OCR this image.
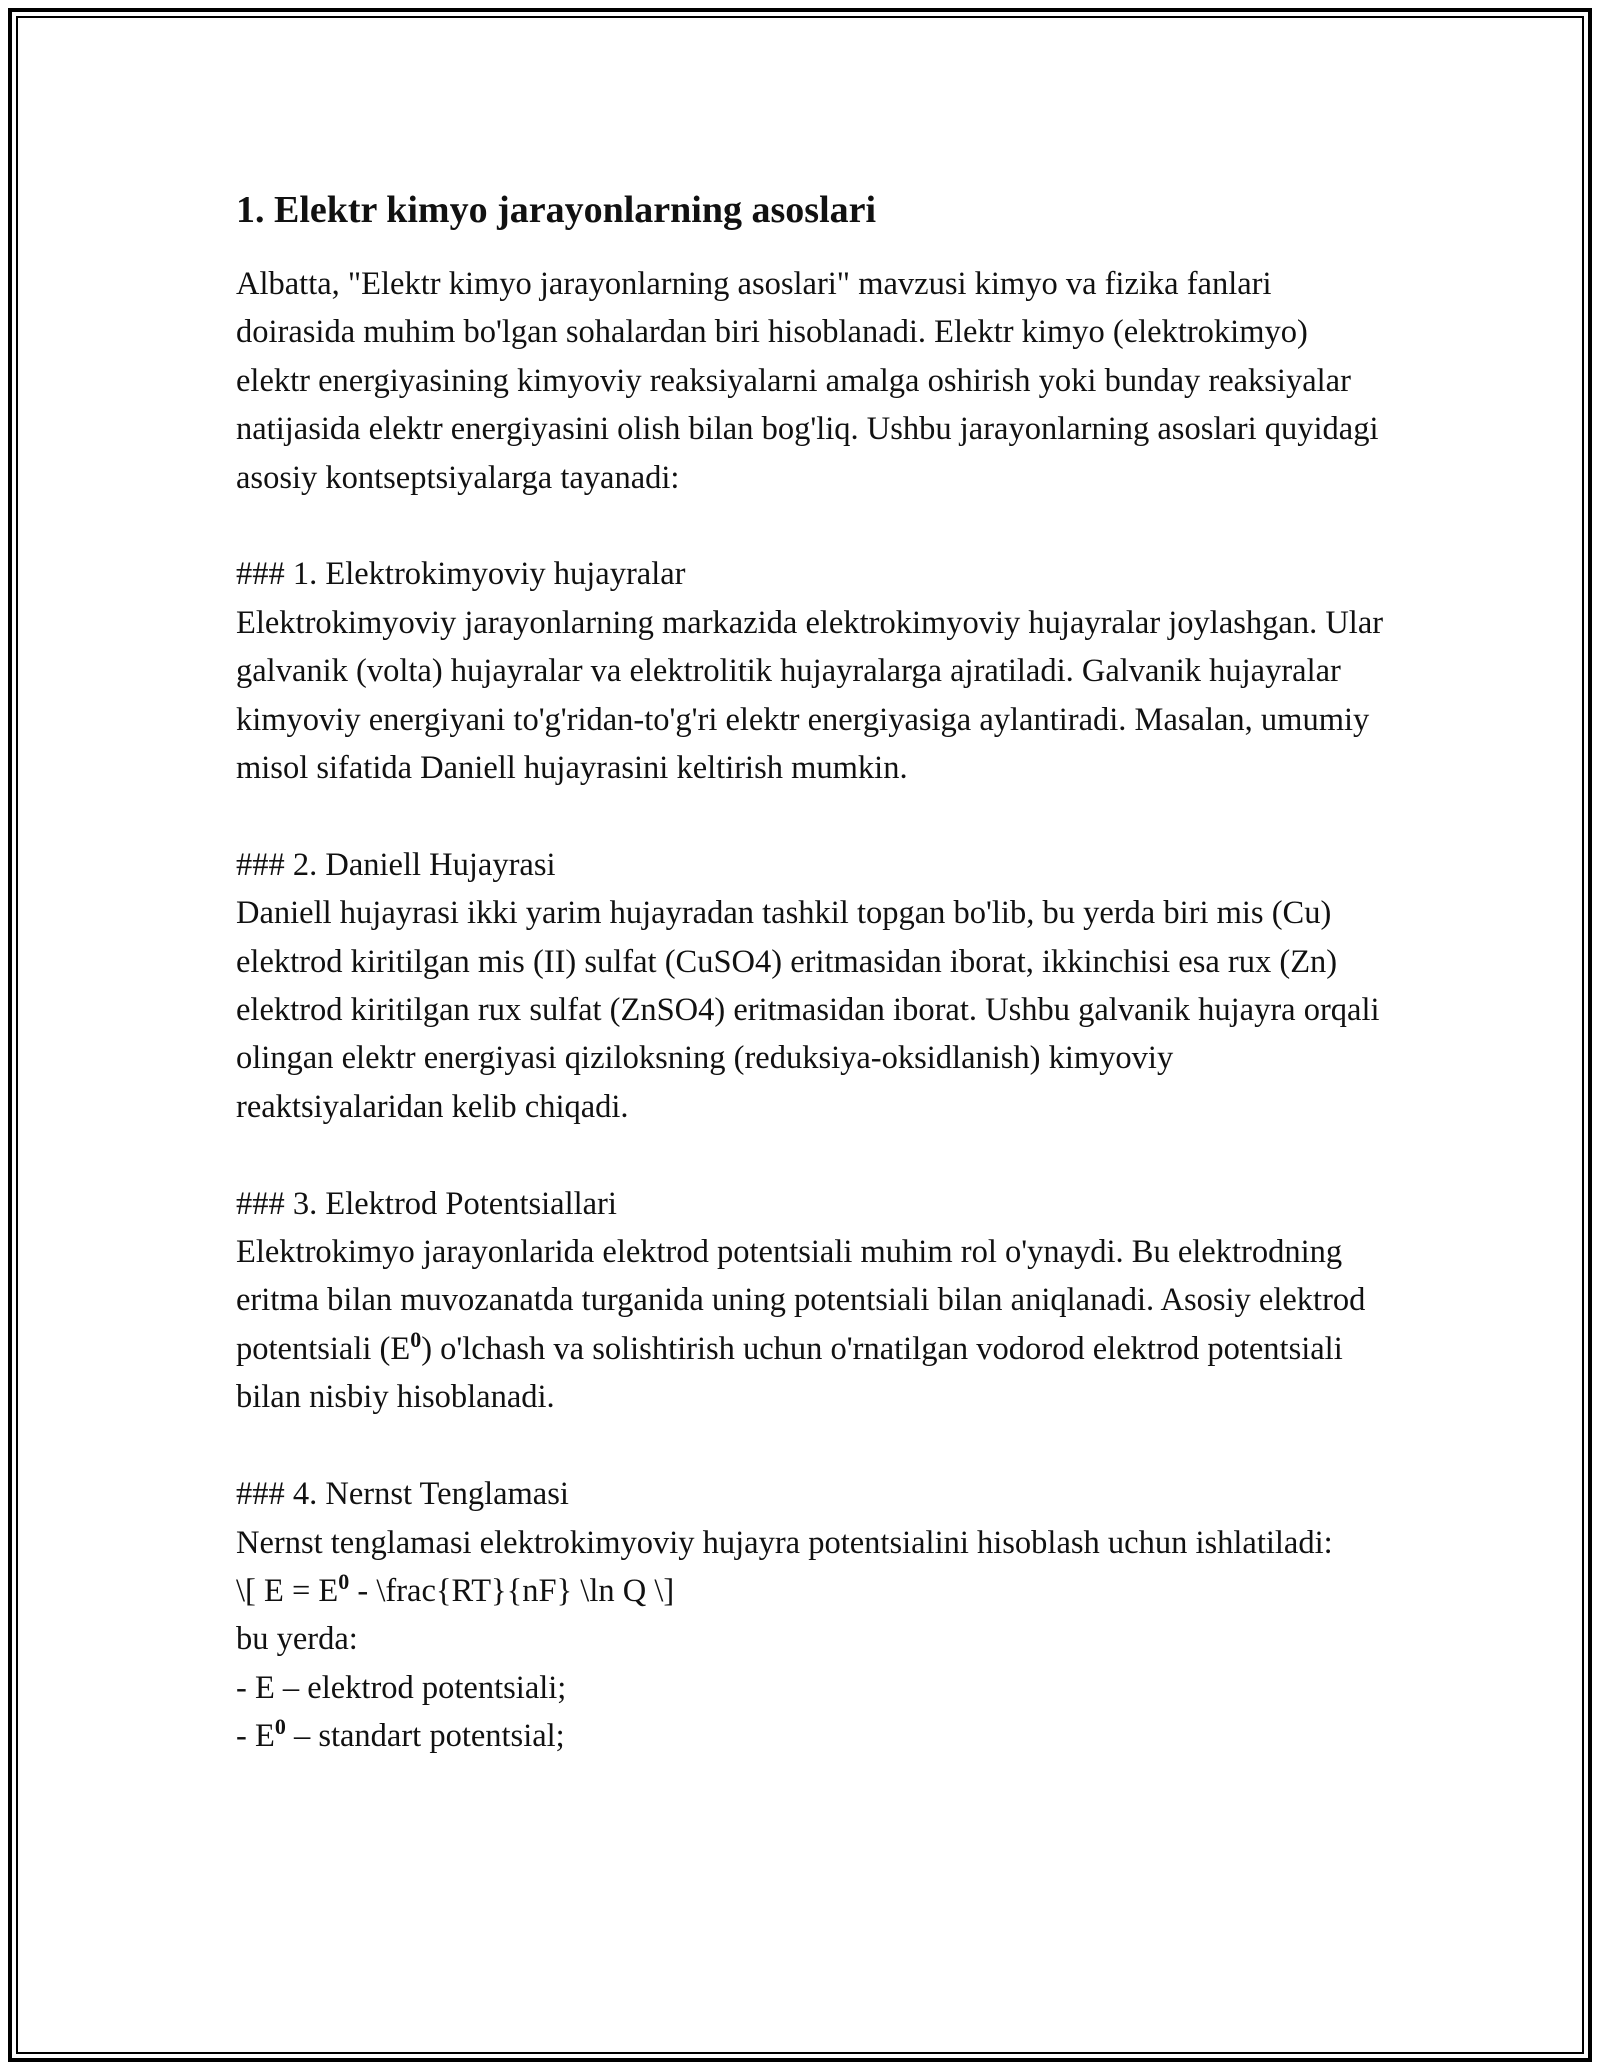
1. Elektr kimyo jarayonlarning asoslari

Albatta, "Elektr kimyo jarayonlarning asoslari" mavzusi kimyo va fizika fanlari doirasida muhim bo'lgan sohalardan biri hisoblanadi. Elektr kimyo (elektrokimyo) elektr energiyasining kimyoviy reaksiyalarni amalga oshirish yoki bunday reaksiyalar natijasida elektr energiyasini olish bilan bog'liq. Ushbu jarayonlarning asoslari quyidagi asosiy kontseptsiyalarga tayanadi:

### 1. Elektrokimyoviy hujayralar
Elektrokimyoviy jarayonlarning markazida elektrokimyoviy hujayralar joylashgan. Ular galvanik (volta) hujayralar va elektrolitik hujayralarga ajratiladi. Galvanik hujayralar kimyoviy energiyani to'g'ridan-to'g'ri elektr energiyasiga aylantiradi. Masalan, umumiy misol sifatida Daniell hujayrasini keltirish mumkin.
### 2. Daniell Hujayrasi
Daniell hujayrasi ikki yarim hujayradan tashkil topgan bo'lib, bu yerda biri mis (Cu) elektrod kiritilgan mis (II) sulfat (CuSO4) eritmasidan iborat, ikkinchisi esa rux (Zn) elektrod kiritilgan rux sulfat (ZnSO4) eritmasidan iborat. Ushbu galvanik hujayra orqali olingan elektr energiyasi qiziloksning (reduksiya-oksidlanish) kimyoviy reaktsiyalaridan kelib chiqadi.
### 3. Elektrod Potentsiallari
Elektrokimyo jarayonlarida elektrod potentsiali muhim rol o'ynaydi. Bu elektrodning eritma bilan muvozanatda turganida uning potentsiali bilan aniqlanadi. Asosiy elektrod potentsiali $(E^0)$ o'lchash va solishtirish uchun o'rnatilgan vodorod elektrod potentsiali bilan nisbiy hisoblanadi.
### 4. Nernst Tenglamasi
Nernst tenglamasi elektrokimyoviy hujayra potentsialini hisoblash uchun ishlatiladi:
\[ $E = E^0$ - \frac{RT}{nF} \ln Q \]
bu yerda:
- E – elektrod potentsiali;
- $E^0$ – standart potentsial;
